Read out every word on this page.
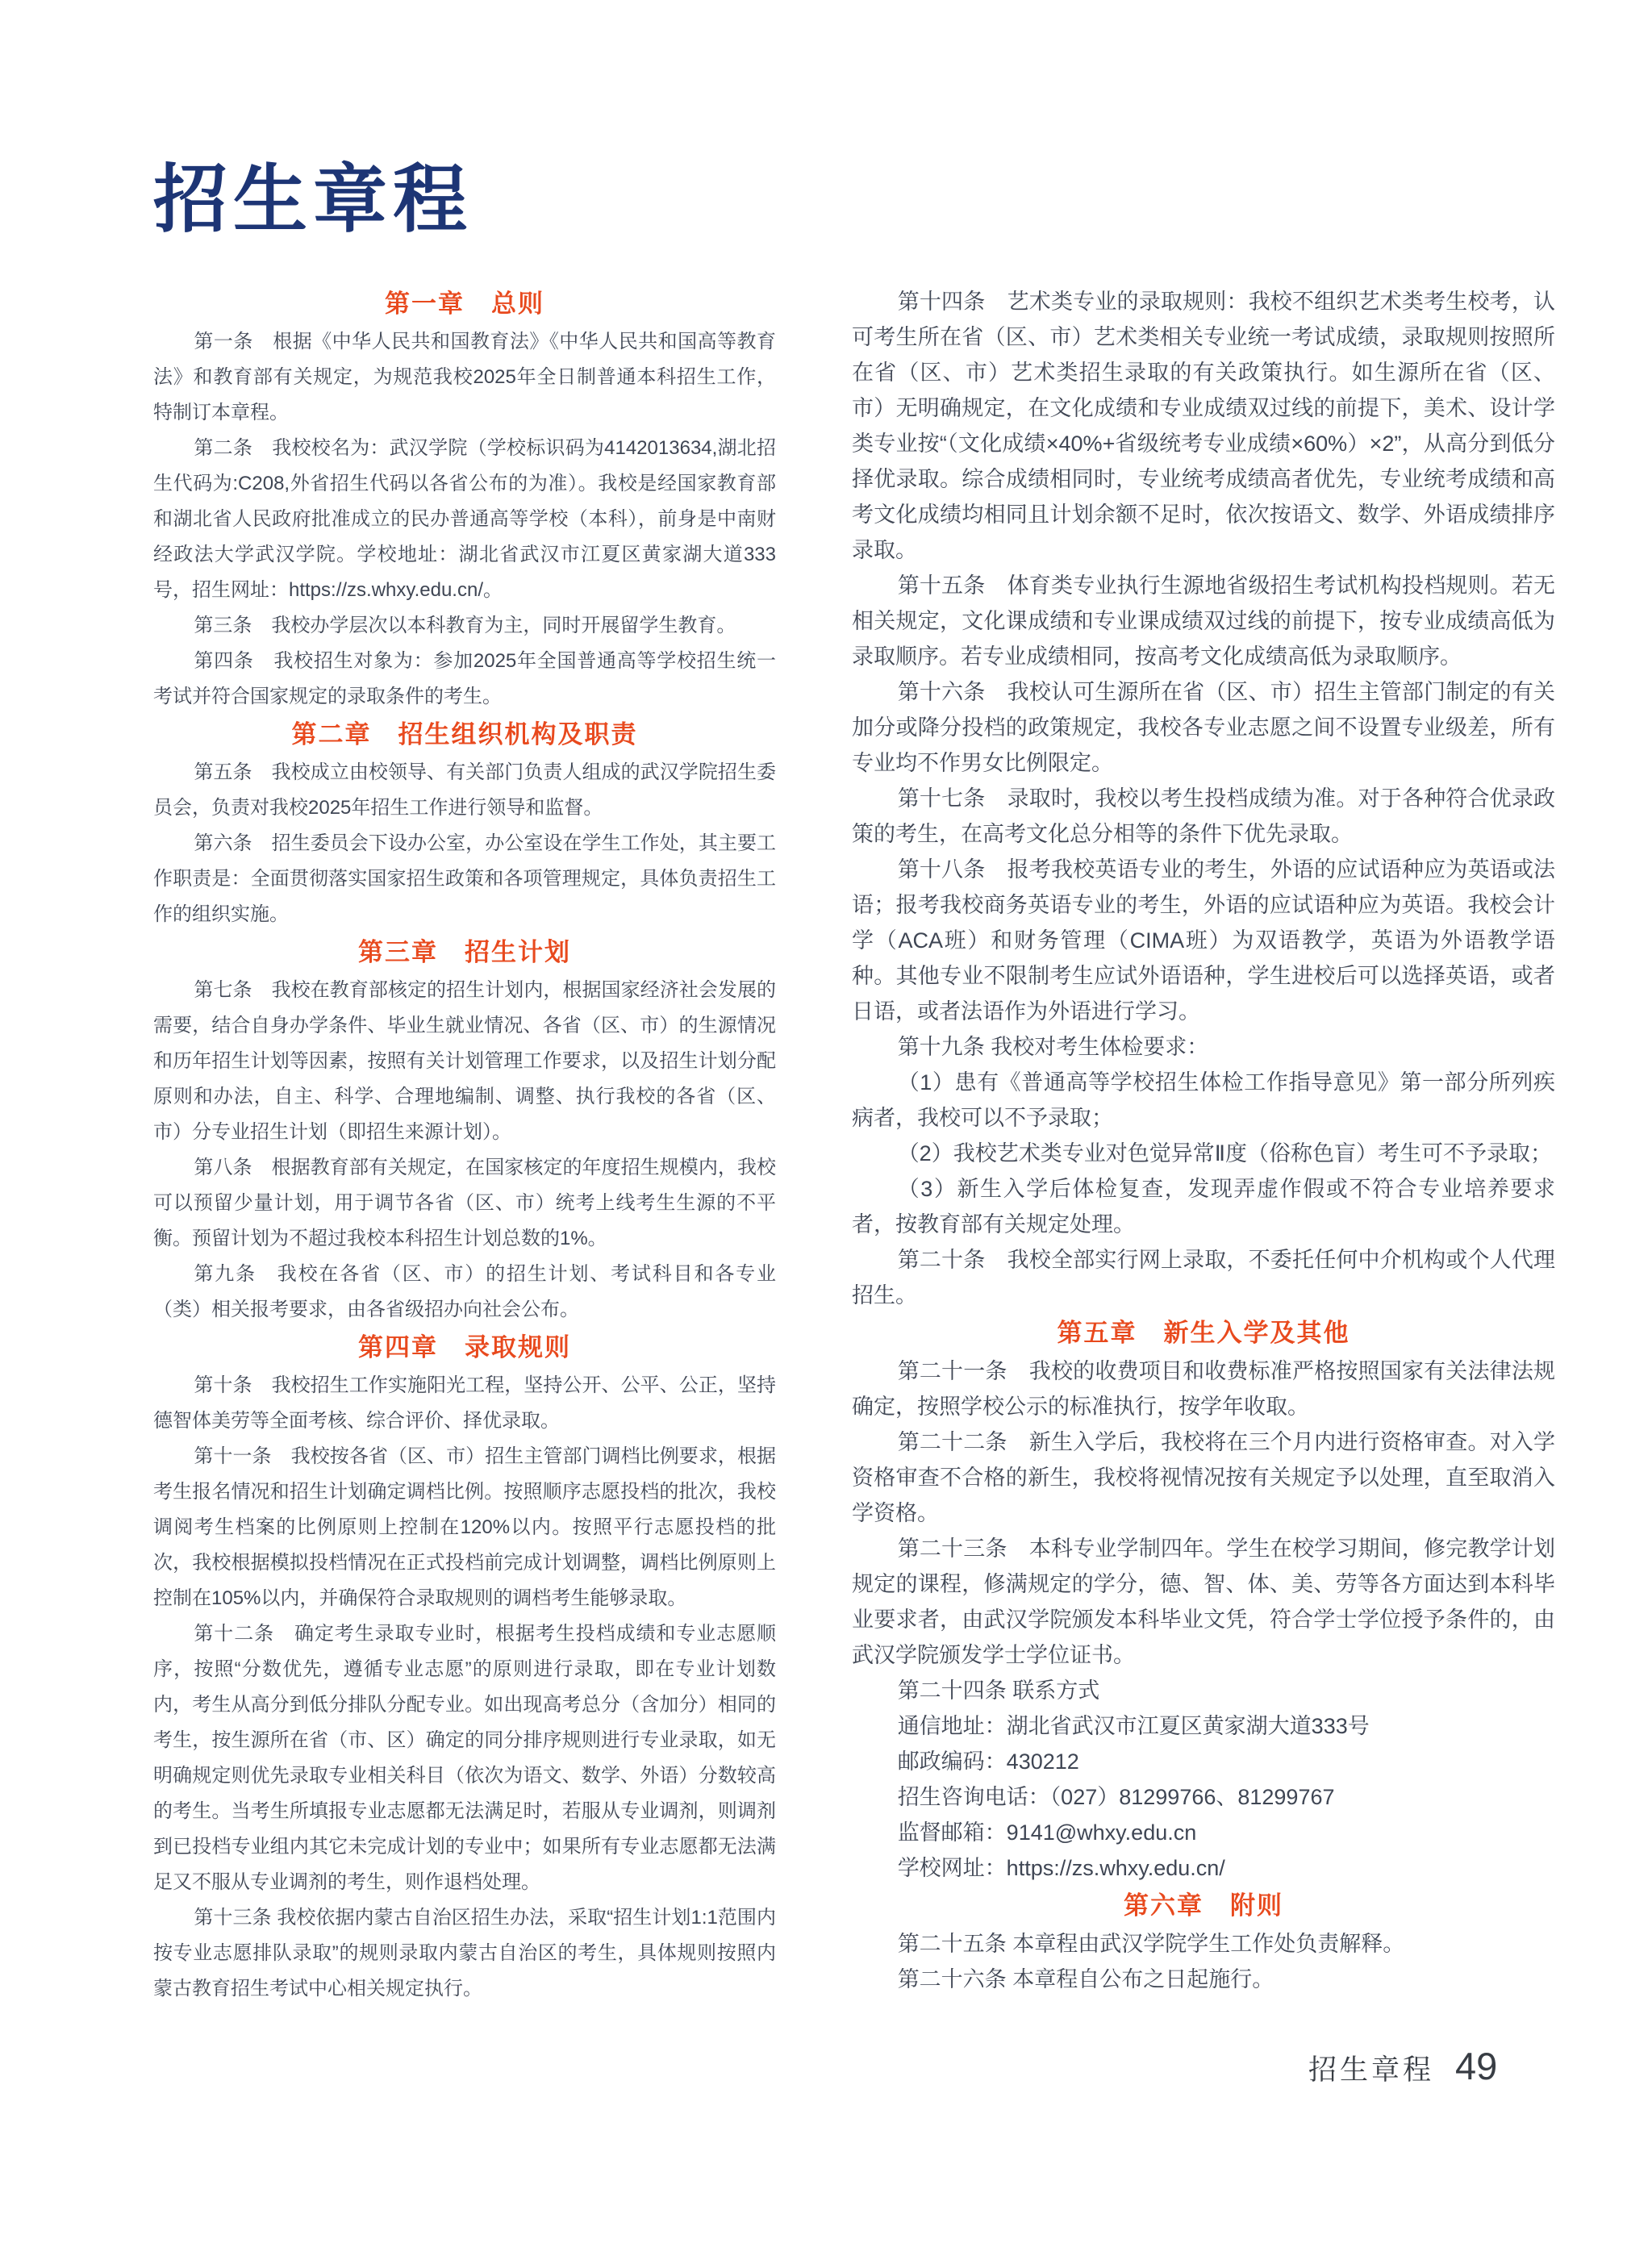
招生章程
第一章　总则

第一条　根据《中华人民共和国教育法》《中华人民共和国高等教育法》和教育部有关规定，为规范我校2025年全日制普通本科招生工作，特制订本章程。

第二条　我校校名为：武汉学院（学校标识码为4142013634,湖北招生代码为:C208,外省招生代码以各省公布的为准）。我校是经国家教育部和湖北省人民政府批准成立的民办普通高等学校（本科），前身是中南财经政法大学武汉学院。学校地址：湖北省武汉市江夏区黄家湖大道333号，招生网址：https://zs.whxy.edu.cn/。

第三条　我校办学层次以本科教育为主，同时开展留学生教育。

第四条　我校招生对象为：参加2025年全国普通高等学校招生统一考试并符合国家规定的录取条件的考生。

第二章　招生组织机构及职责

第五条　我校成立由校领导、有关部门负责人组成的武汉学院招生委员会，负责对我校2025年招生工作进行领导和监督。

第六条　招生委员会下设办公室，办公室设在学生工作处，其主要工作职责是：全面贯彻落实国家招生政策和各项管理规定，具体负责招生工作的组织实施。

第三章　招生计划

第七条　我校在教育部核定的招生计划内，根据国家经济社会发展的需要，结合自身办学条件、毕业生就业情况、各省（区、市）的生源情况和历年招生计划等因素，按照有关计划管理工作要求，以及招生计划分配原则和办法，自主、科学、合理地编制、调整、执行我校的各省（区、市）分专业招生计划（即招生来源计划）。

第八条　根据教育部有关规定，在国家核定的年度招生规模内，我校可以预留少量计划，用于调节各省（区、市）统考上线考生生源的不平衡。预留计划为不超过我校本科招生计划总数的1%。

第九条　我校在各省（区、市）的招生计划、考试科目和各专业（类）相关报考要求，由各省级招办向社会公布。

第四章　录取规则

第十条　我校招生工作实施阳光工程，坚持公开、公平、公正，坚持德智体美劳等全面考核、综合评价、择优录取。

第十一条　我校按各省（区、市）招生主管部门调档比例要求，根据考生报名情况和招生计划确定调档比例。按照顺序志愿投档的批次，我校调阅考生档案的比例原则上控制在120%以内。按照平行志愿投档的批次，我校根据模拟投档情况在正式投档前完成计划调整，调档比例原则上控制在105%以内，并确保符合录取规则的调档考生能够录取。

第十二条　确定考生录取专业时，根据考生投档成绩和专业志愿顺序，按照“分数优先，遵循专业志愿”的原则进行录取，即在专业计划数内，考生从高分到低分排队分配专业。如出现高考总分（含加分）相同的考生，按生源所在省（市、区）确定的同分排序规则进行专业录取，如无明确规定则优先录取专业相关科目（依次为语文、数学、外语）分数较高的考生。当考生所填报专业志愿都无法满足时，若服从专业调剂，则调剂到已投档专业组内其它未完成计划的专业中；如果所有专业志愿都无法满足又不服从专业调剂的考生，则作退档处理。

第十三条 我校依据内蒙古自治区招生办法，采取“招生计划1:1范围内按专业志愿排队录取”的规则录取内蒙古自治区的考生，具体规则按照内蒙古教育招生考试中心相关规定执行。

第十四条　艺术类专业的录取规则：我校不组织艺术类考生校考，认可考生所在省（区、市）艺术类相关专业统一考试成绩，录取规则按照所在省（区、市）艺术类招生录取的有关政策执行。如生源所在省（区、市）无明确规定，在文化成绩和专业成绩双过线的前提下，美术、设计学类专业按“（文化成绩×40%+省级统考专业成绩×60%）×2”，从高分到低分择优录取。综合成绩相同时，专业统考成绩高者优先，专业统考成绩和高考文化成绩均相同且计划余额不足时，依次按语文、数学、外语成绩排序录取。

第十五条　体育类专业执行生源地省级招生考试机构投档规则。若无相关规定，文化课成绩和专业课成绩双过线的前提下，按专业成绩高低为录取顺序。若专业成绩相同，按高考文化成绩高低为录取顺序。

第十六条　我校认可生源所在省（区、市）招生主管部门制定的有关加分或降分投档的政策规定，我校各专业志愿之间不设置专业级差，所有专业均不作男女比例限定。

第十七条　录取时，我校以考生投档成绩为准。对于各种符合优录政策的考生，在高考文化总分相等的条件下优先录取。

第十八条　报考我校英语专业的考生，外语的应试语种应为英语或法语；报考我校商务英语专业的考生，外语的应试语种应为英语。我校会计学（ACA班）和财务管理（CIMA班）为双语教学，英语为外语教学语种。其他专业不限制考生应试外语语种，学生进校后可以选择英语，或者日语，或者法语作为外语进行学习。

第十九条 我校对考生体检要求：

（1）患有《普通高等学校招生体检工作指导意见》第一部分所列疾病者，我校可以不予录取；

（2）我校艺术类专业对色觉异常Ⅱ度（俗称色盲）考生可不予录取；

（3）新生入学后体检复查，发现弄虚作假或不符合专业培养要求者，按教育部有关规定处理。

第二十条　我校全部实行网上录取，不委托任何中介机构或个人代理招生。

第五章　新生入学及其他

第二十一条　我校的收费项目和收费标准严格按照国家有关法律法规确定，按照学校公示的标准执行，按学年收取。

第二十二条　新生入学后，我校将在三个月内进行资格审查。对入学资格审查不合格的新生，我校将视情况按有关规定予以处理，直至取消入学资格。

第二十三条　本科专业学制四年。学生在校学习期间，修完教学计划规定的课程，修满规定的学分，德、智、体、美、劳等各方面达到本科毕业要求者，由武汉学院颁发本科毕业文凭，符合学士学位授予条件的，由武汉学院颁发学士学位证书。

第二十四条 联系方式

通信地址：湖北省武汉市江夏区黄家湖大道333号

邮政编码：430212

招生咨询电话：（027）81299766、81299767

监督邮箱：9141@whxy.edu.cn

学校网址：https://zs.whxy.edu.cn/

第六章　附则

第二十五条 本章程由武汉学院学生工作处负责解释。

第二十六条 本章程自公布之日起施行。

招生章程 49
